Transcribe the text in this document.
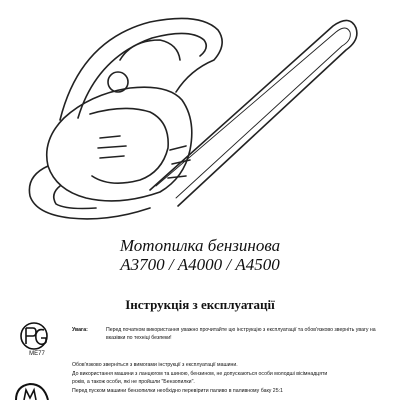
Мотопилка бензинова
А3700 / А4000 / А4500
Інструкція з експлуатації
МЕ77
Увага:	Перед початком використання уважно прочитайте цю інструкцію з експлуатації та обов'язково зверніть увагу на вказівки по техніці безпеки!
Обов'язково зверніться з вимогами інструкції з експлуатації машини.
До використання машини з ланцюгом та шиною, бензином, не допускаються особи молодші вісімнадцяти
років, а також особи, які не пройшли "Бензопилки".
Перед пуском машини бензопилки необхідно перевірити паливо в паливному баку 25:1
